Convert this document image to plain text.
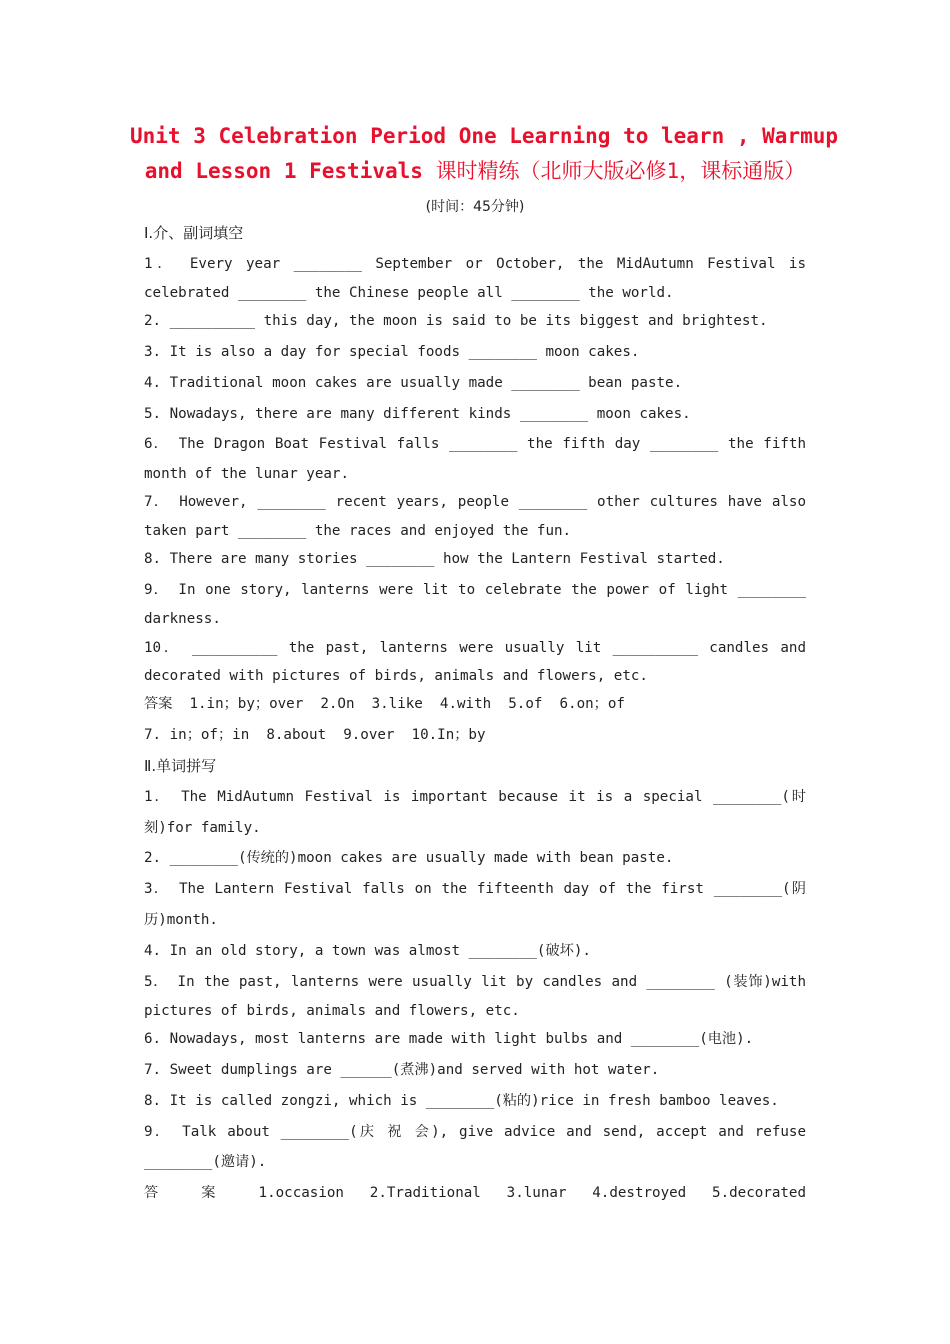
Unit 3 Celebration Period One Learning to learn , Warmup
and Lesson 1 Festivals 课时精练（北师大版必修1，课标通版）
(时间：45分钟)
I.介、副词填空
1． Every year ________ September or October, the MidAutumn Festival is
celebrated ________ the Chinese people all ________ the world.
2. __________ this day, the moon is said to be its biggest and brightest.
3. It is also a day for special foods ________ moon cakes.
4. Traditional moon cakes are usually made ________ bean paste.
5. Nowadays, there are many different kinds ________ moon cakes.
6． The Dragon Boat Festival falls ________ the fifth day ________ the fifth
month of the lunar year.
7． However, ________ recent years, people ________ other cultures have also
taken part ________ the races and enjoyed the fun.
8. There are many stories ________ how the Lantern Festival started.
9． In one story, lanterns were lit to celebrate the power of light ________
darkness.
10． __________ the past, lanterns were usually lit __________ candles and
decorated with pictures of birds, animals and flowers, etc.
答案  1.in；by；over  2.On  3.like  4.with  5.of  6.on；of
7. in；of；in  8.about  9.over  10.In；by
Ⅱ.单词拼写
1． The MidAutumn Festival is important because it is a special ________(时
刻)for family.
2. ________(传统的)moon cakes are usually made with bean paste.
3． The Lantern Festival falls on the fifteenth day of the first ________(阴
历)month.
4. In an old story, a town was almost ________(破坏).
5． In the past, lanterns were usually lit by candles and ________ (装饰)with
pictures of birds, animals and flowers, etc.
6. Nowadays, most lanterns are made with light bulbs and ________(电池).
7. Sweet dumplings are ______(煮沸)and served with hot water.
8. It is called zongzi, which is ________(粘的)rice in fresh bamboo leaves.
9． Talk about ________(庆 祝 会), give advice and send, accept and refuse
________(邀请).
答 案 1.occasion 2.Traditional 3.lunar 4.destroyed 5.decorated
